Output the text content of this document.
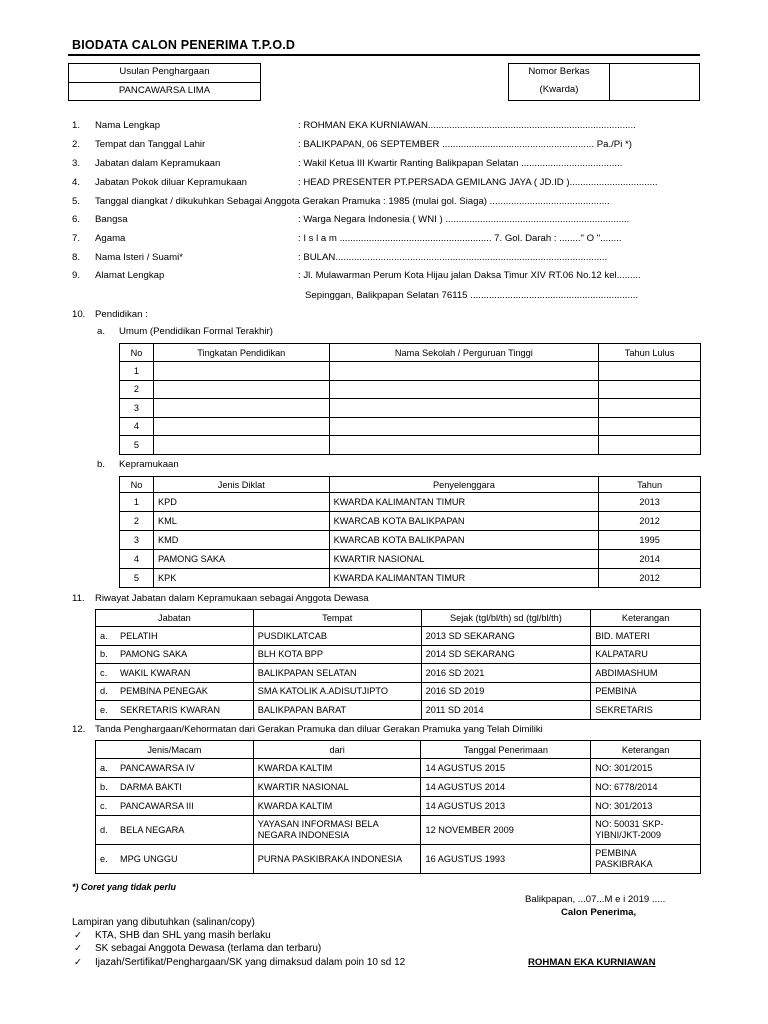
BIODATA CALON PENERIMA T.P.O.D
Usulan Penghargaan
PANCAWARSA LIMA
Nomor Berkas
(Kwarda)
1. Nama Lengkap	: ROHMAN EKA KURNIAWAN..............................................................................
2. Tempat dan Tanggal Lahir	: BALIKPAPAN, 06 SEPTEMBER ......................................................... Pa./Pi *)
3. Jabatan dalam Kepramukaan	: Wakil Ketua III Kwartir Ranting Balikpapan Selatan ......................................
4. Jabatan Pokok diluar Kepramukaan	: HEAD PRESENTER PT.PERSADA GEMILANG JAYA ( JD.ID ).................................
5. Tanggal diangkat / dikukuhkan Sebagai Anggota Gerakan Pramuka : 1985 (mulai gol. Siaga) .............................................
6. Bangsa	: Warga Negara Indonesia ( WNI ) .....................................................................
7. Agama	: I s l a m ......................................................... 7. Gol. Darah : ........" O "........
8. Nama Isteri / Suami*	: BULAN......................................................................................................
9. Alamat Lengkap	: Jl. Mulawarman Perum Kota Hijau jalan Daksa Timur XIV RT.06 No.12 kel.........
Sepinggan, Balikpapan Selatan 76115 ...............................................................
10. Pendidikan :
a. Umum (Pendidikan Formal Terakhir)
No	Tingkatan Pendidikan	Nama Sekolah / Perguruan Tinggi	Tahun Lulus
1			
2			
3			
4			
5			
b. Kepramukaan
No	Jenis Diklat	Penyelenggara	Tahun
1	KPD	KWARDA KALIMANTAN TIMUR	2013
2	KML	KWARCAB KOTA BALIKPAPAN	2012
3	KMD	KWARCAB KOTA BALIKPAPAN	1995
4	PAMONG SAKA	KWARTIR NASIONAL	2014
5	KPK	KWARDA KALIMANTAN TIMUR	2012
11. Riwayat Jabatan dalam Kepramukaan sebagai Anggota Dewasa
Jabatan	Tempat	Sejak (tgl/bl/th) sd (tgl/bl/th)	Keterangan
a. PELATIH	PUSDIKLATCAB	2013 SD SEKARANG	BID. MATERI
b. PAMONG SAKA	BLH KOTA BPP	2014 SD SEKARANG	KALPATARU
c. WAKIL KWARAN	BALIKPAPAN SELATAN	2016 SD 2021	ABDIMASHUM
d. PEMBINA PENEGAK	SMA KATOLIK A.ADISUTJIPTO	2016 SD 2019	PEMBINA
e. SEKRETARIS KWARAN	BALIKPAPAN BARAT	2011 SD 2014	SEKRETARIS
12. Tanda Penghargaan/Kehormatan dari Gerakan Pramuka dan diluar Gerakan Pramuka yang Telah Dimiliki
Jenis/Macam	dari	Tanggal Penerimaan	Keterangan
a. PANCAWARSA IV	KWARDA KALTIM	14 AGUSTUS 2015	NO: 301/2015
b. DARMA BAKTI	KWARTIR NASIONAL	14 AGUSTUS 2014	NO: 6778/2014
c. PANCAWARSA III	KWARDA KALTIM	14 AGUSTUS 2013	NO: 301/2013
d. BELA NEGARA	YAYASAN INFORMASI BELA NEGARA INDONESIA	12 NOVEMBER 2009	NO: 50031 SKP-YIBNI/JKT-2009
e. MPG UNGGU	PURNA PASKIBRAKA INDONESIA	16 AGUSTUS 1993	PEMBINA PASKIBRAKA
*) Coret yang tidak perlu
Balikpapan, ...07...M e i 2019 .....
Calon Penerima,
ROHMAN EKA KURNIAWAN
Lampiran yang dibutuhkan (salinan/copy)
✓ KTA, SHB dan SHL yang masih berlaku
✓ SK sebagai Anggota Dewasa (terlama dan terbaru)
✓ Ijazah/Sertifikat/Penghargaan/SK yang dimaksud dalam poin 10 sd 12
